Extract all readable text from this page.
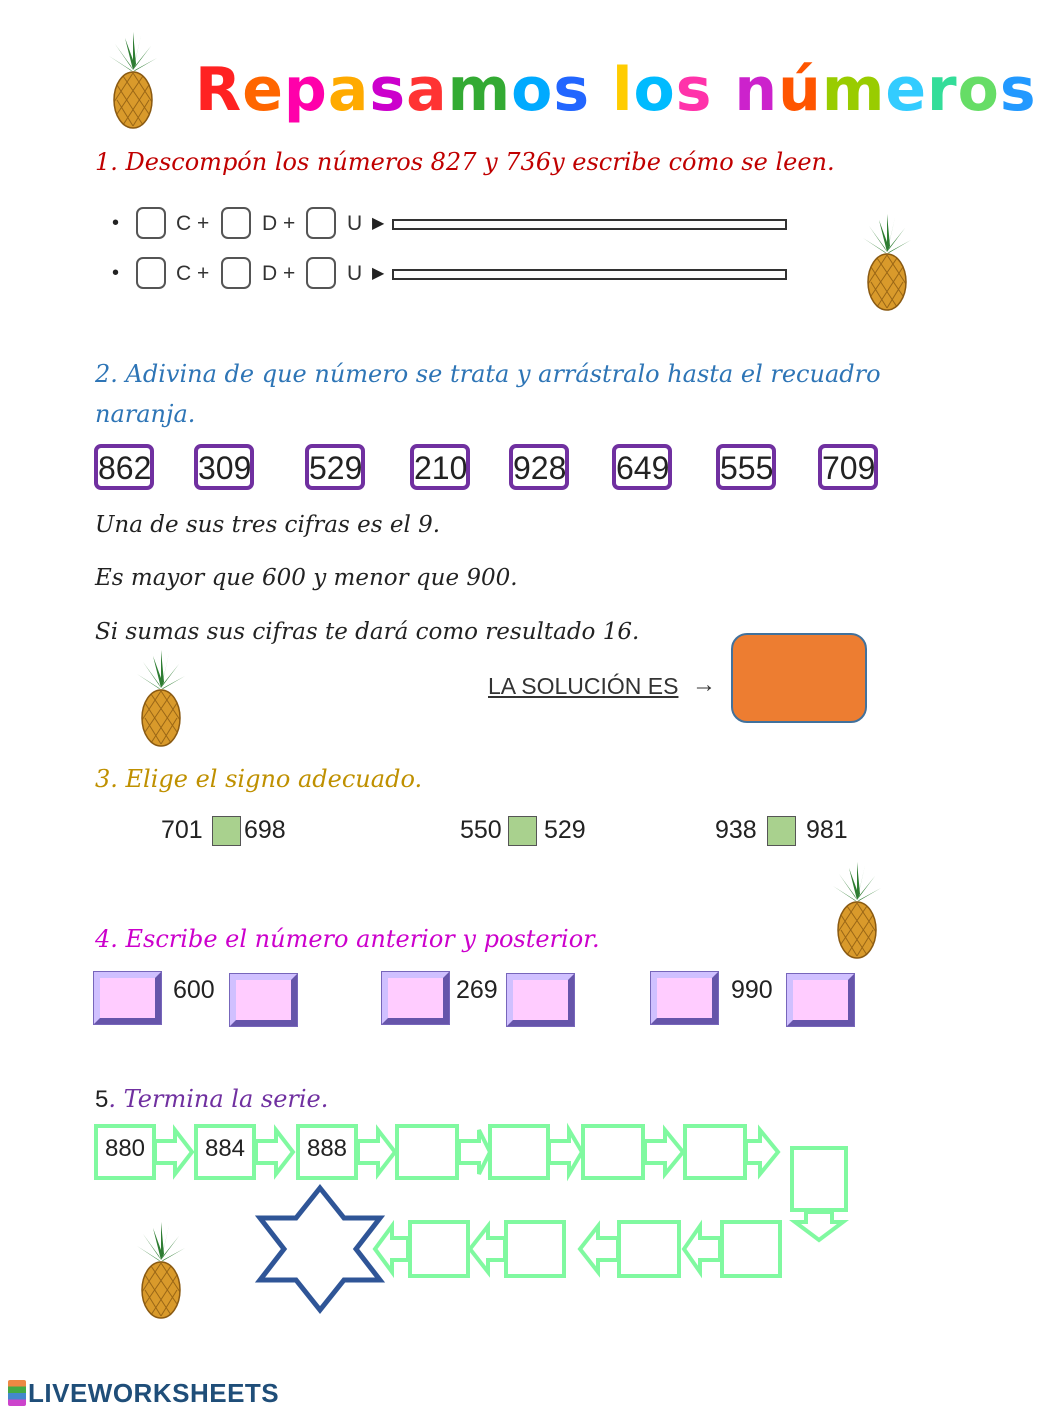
Repasamos los números
1. Descompón los números 827 y 736y escribe cómo se leen.
•	C +	D + U ▶
•	C +	D + U ▶
2. Adivina de que número se trata y arrástralo hasta el recuadro
naranja.
862 309 529 210 928 649 555 709
Una de sus tres cifras es el 9.
Es mayor que 600 y menor que 900.
Si sumas sus cifras te dará como resultado 16.
LA SOLUCIÓN ES →
3. Elige el signo adecuado.
701 698	550 529	938 981
4. Escribe el número anterior y posterior.
600	269	990
5. Termina la serie.
880	884	888
LIVEWORKSHEETS
